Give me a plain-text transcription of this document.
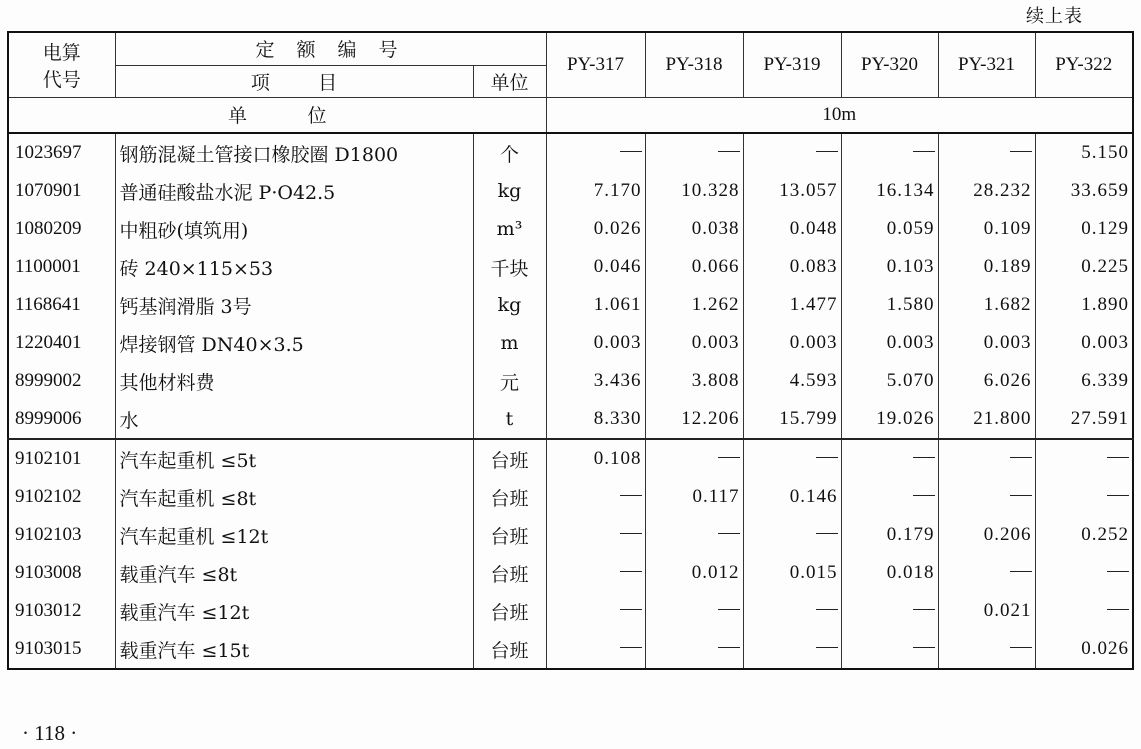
续上表
电算
代号	定 额 编 号		PY-317	PY-318	PY-319	PY-320	PY-321	PY-322
	项        目	单位						
单          位			10m					
1023697	钢筋混凝土管接口橡胶圈 D1800	个						5.150
1070901	普通硅酸盐水泥 P·O42.5	kg	7.170	10.328	13.057	16.134	28.232	33.659
1080209	中粗砂(填筑用)	m³	0.026	0.038	0.048	0.059	0.109	0.129
1100001	砖 240×115×53	千块	0.046	0.066	0.083	0.103	0.189	0.225
1168641	钙基润滑脂 3号	kg	1.061	1.262	1.477	1.580	1.682	1.890
1220401	焊接钢管 DN40×3.5	m	0.003	0.003	0.003	0.003	0.003	0.003
8999002	其他材料费	元	3.436	3.808	4.593	5.070	6.026	6.339
8999006	水	t	8.330	12.206	15.799	19.026	21.800	27.591
9102101	汽车起重机 ≤5t	台班	0.108					
9102102	汽车起重机 ≤8t	台班		0.117	0.146			
9102103	汽车起重机 ≤12t	台班				0.179	0.206	0.252
9103008	载重汽车 ≤8t	台班		0.012	0.015	0.018		
9103012	载重汽车 ≤12t	台班					0.021	
9103015	载重汽车 ≤15t	台班						0.026
· 118 ·
